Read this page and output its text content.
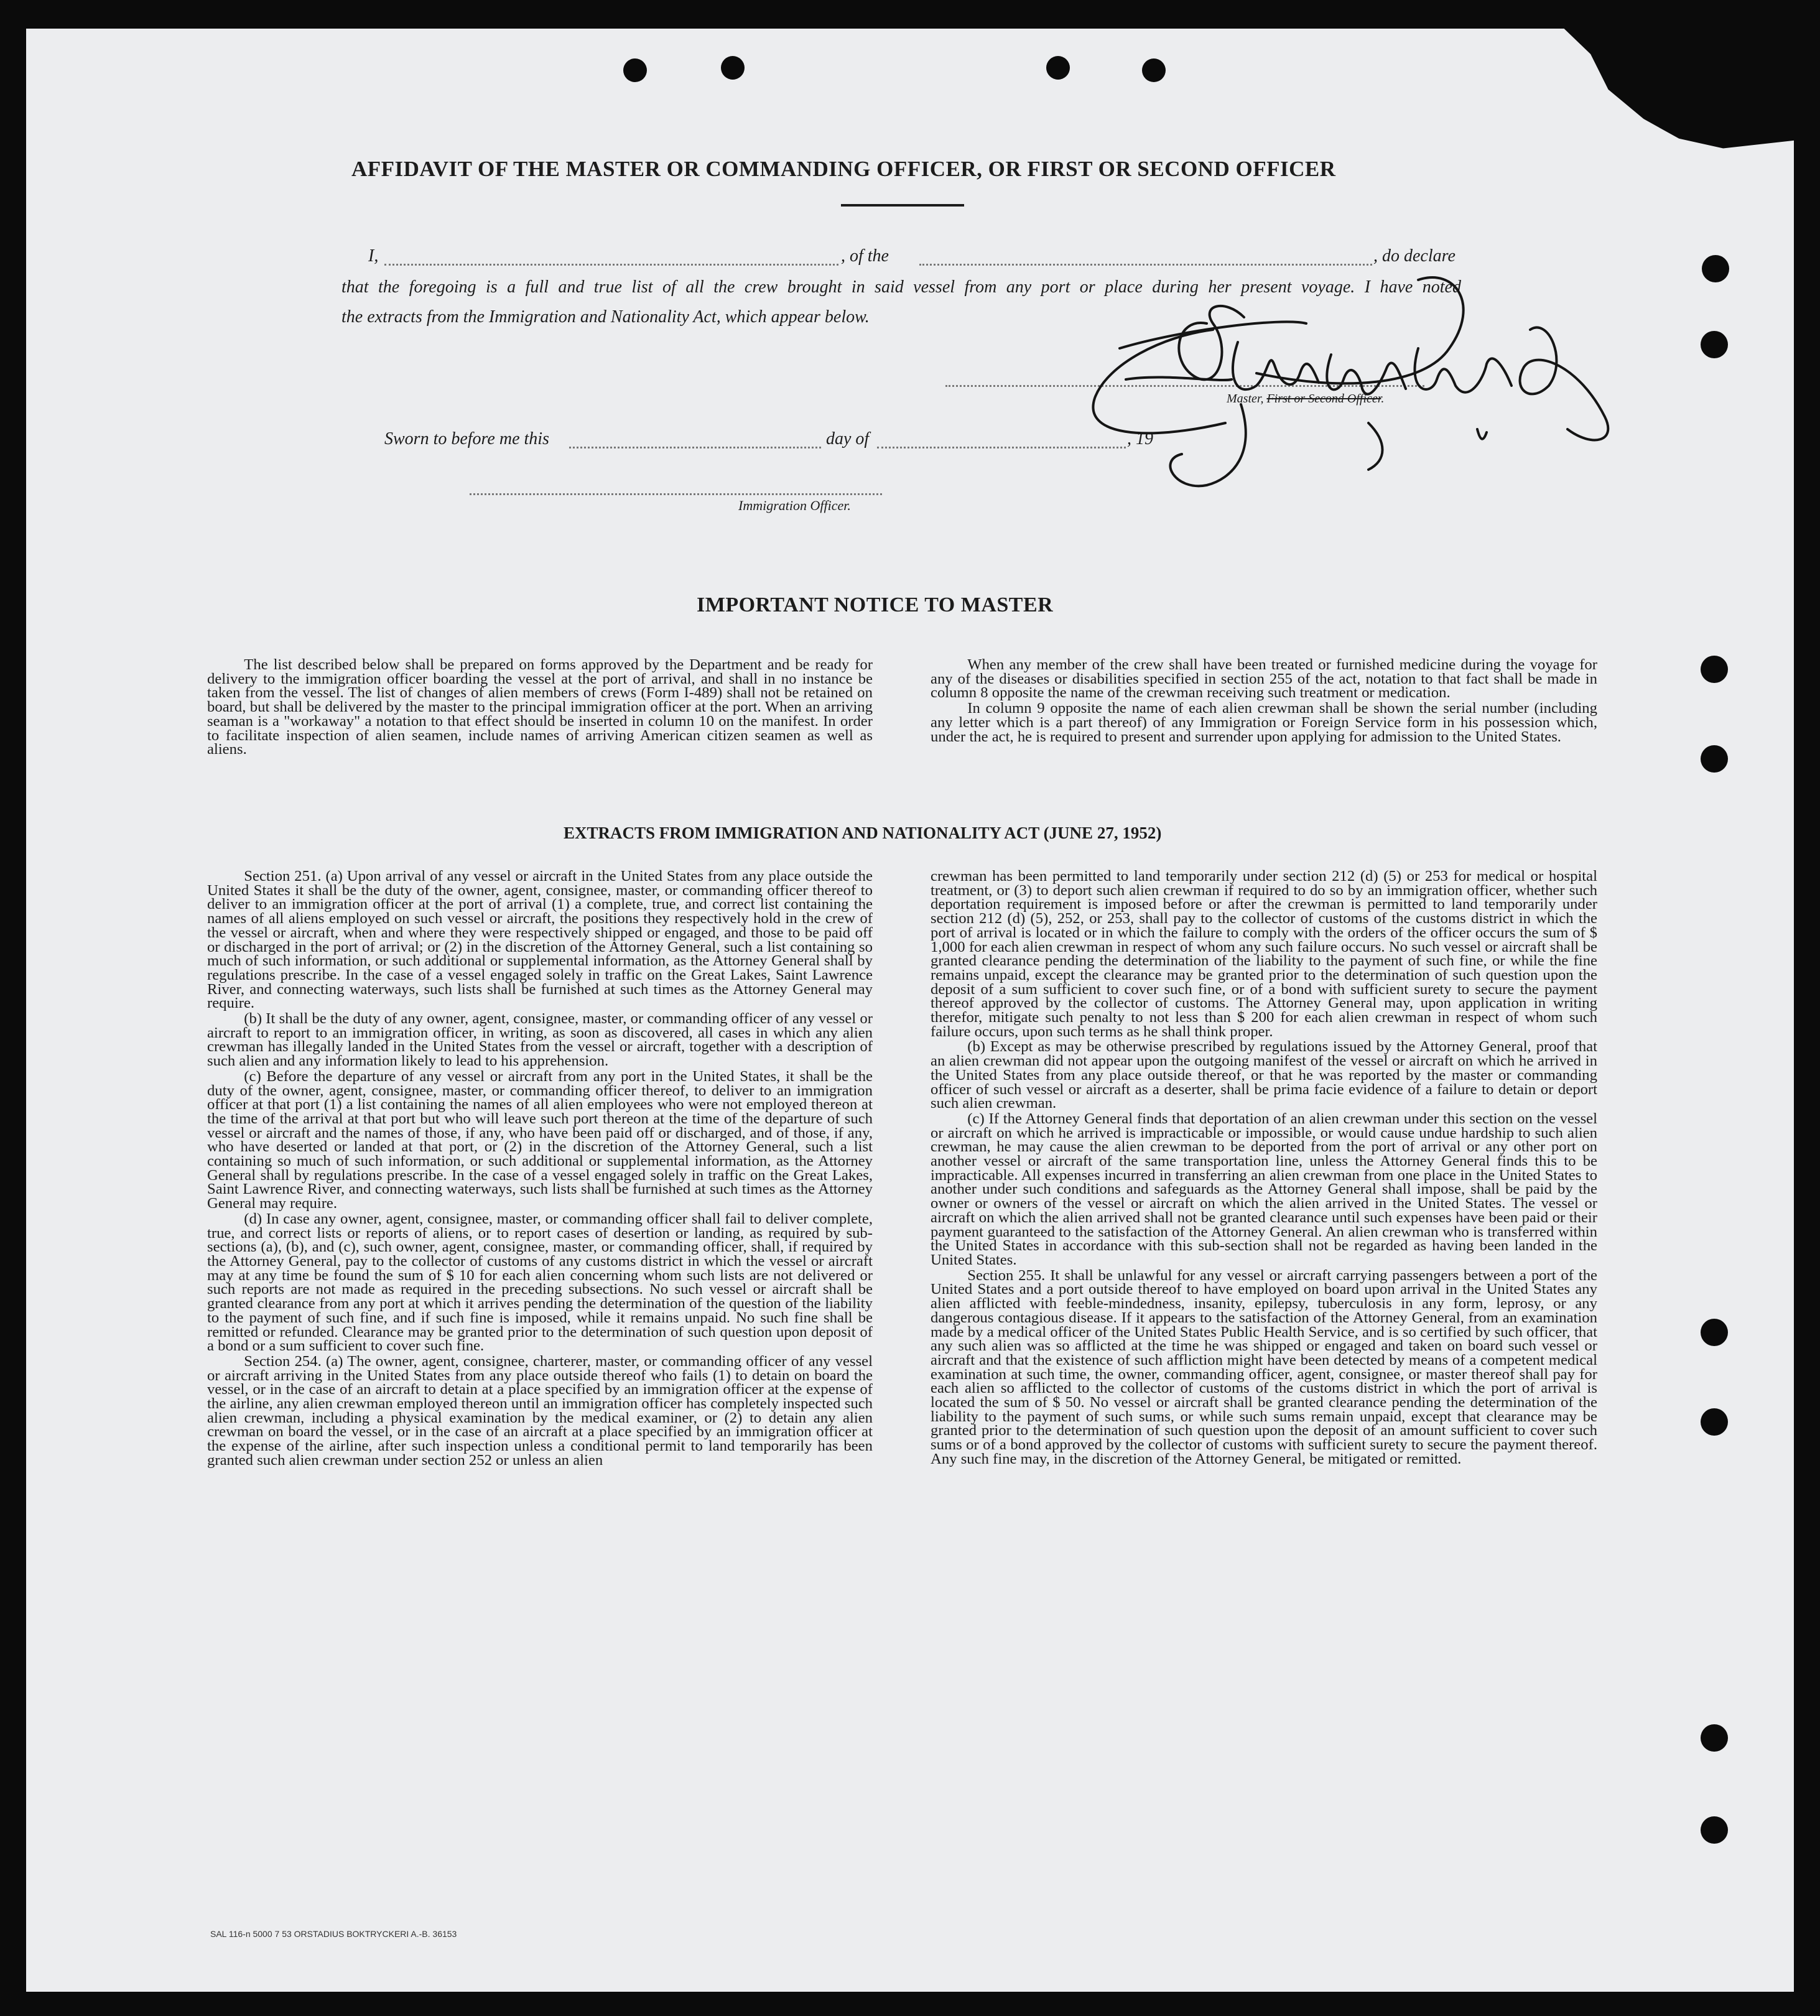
AFFIDAVIT OF THE MASTER OR COMMANDING OFFICER, OR FIRST OR SECOND OFFICER
I,	, of the	, do declare
that the foregoing is a full and true list of all the crew brought in said vessel from any port or place during her present voyage. I have noted
the extracts from the Immigration and Nationality Act, which appear below.
Master, First or Second Officer.
Sworn to before me this	day of	, 19
Immigration Officer.
IMPORTANT NOTICE TO MASTER

The list described below shall be prepared on forms approved by the Department and be ready for delivery to the immigration officer boarding the vessel at the port of arrival, and shall in no instance be taken from the vessel. The list of changes of alien members of crews (Form I-489) shall not be retained on board, but shall be delivered by the master to the principal immigration officer at the port. When an arriving seaman is a "workaway" a notation to that effect should be inserted in column 10 on the manifest. In order to facilitate inspection of alien seamen, include names of arriving American citizen seamen as well as aliens.

When any member of the crew shall have been treated or furnished medicine during the voyage for any of the diseases or disabilities specified in section 255 of the act, notation to that fact shall be made in column 8 opposite the name of the crewman receiving such treatment or medication.

In column 9 opposite the name of each alien crewman shall be shown the serial number (including any letter which is a part thereof) of any Immigration or Foreign Service form in his possession which, under the act, he is required to present and surrender upon applying for admission to the United States.

EXTRACTS FROM IMMIGRATION AND NATIONALITY ACT (JUNE 27, 1952)

Section 251. (a) Upon arrival of any vessel or aircraft in the United States from any place outside the United States it shall be the duty of the owner, agent, consignee, master, or commanding officer thereof to deliver to an immigration officer at the port of arrival (1) a complete, true, and correct list containing the names of all aliens employed on such vessel or aircraft, the positions they respectively hold in the crew of the vessel or aircraft, when and where they were respectively shipped or engaged, and those to be paid off or discharged in the port of arrival; or (2) in the discretion of the Attorney General, such a list containing so much of such information, or such additional or supplemental information, as the Attorney General shall by regulations prescribe. In the case of a vessel engaged solely in traffic on the Great Lakes, Saint Lawrence River, and connecting waterways, such lists shall be furnished at such times as the Attorney General may require.

(b) It shall be the duty of any owner, agent, consignee, master, or commanding officer of any vessel or aircraft to report to an immigration officer, in writing, as soon as discovered, all cases in which any alien crewman has illegally landed in the United States from the vessel or aircraft, together with a description of such alien and any information likely to lead to his apprehension.

(c) Before the departure of any vessel or aircraft from any port in the United States, it shall be the duty of the owner, agent, consignee, master, or commanding officer thereof, to deliver to an immigration officer at that port (1) a list containing the names of all alien employees who were not employed thereon at the time of the arrival at that port but who will leave such port thereon at the time of the departure of such vessel or aircraft and the names of those, if any, who have been paid off or discharged, and of those, if any, who have deserted or landed at that port, or (2) in the discretion of the Attorney General, such a list containing so much of such information, or such additional or supplemental information, as the Attorney General shall by regulations prescribe. In the case of a vessel engaged solely in traffic on the Great Lakes, Saint Lawrence River, and connecting waterways, such lists shall be furnished at such times as the Attorney General may require.

(d) In case any owner, agent, consignee, master, or commanding officer shall fail to deliver complete, true, and correct lists or reports of aliens, or to report cases of desertion or landing, as required by sub-sections (a), (b), and (c), such owner, agent, consignee, master, or commanding officer, shall, if required by the Attorney General, pay to the collector of customs of any customs district in which the vessel or aircraft may at any time be found the sum of $ 10 for each alien concerning whom such lists are not delivered or such reports are not made as required in the preceding subsections. No such vessel or aircraft shall be granted clearance from any port at which it arrives pending the determination of the question of the liability to the payment of such fine, and if such fine is imposed, while it remains unpaid. No such fine shall be remitted or refunded. Clearance may be granted prior to the determination of such question upon deposit of a bond or a sum sufficient to cover such fine.

Section 254. (a) The owner, agent, consignee, charterer, master, or commanding officer of any vessel or aircraft arriving in the United States from any place outside thereof who fails (1) to detain on board the vessel, or in the case of an aircraft to detain at a place specified by an immigration officer at the expense of the airline, any alien crewman employed thereon until an immigration officer has completely inspected such alien crewman, including a physical examination by the medical examiner, or (2) to detain any alien crewman on board the vessel, or in the case of an aircraft at a place specified by an immigration officer at the expense of the airline, after such inspection unless a conditional permit to land temporarily has been granted such alien crewman under section 252 or unless an alien

crewman has been permitted to land temporarily under section 212 (d) (5) or 253 for medical or hospital treatment, or (3) to deport such alien crewman if required to do so by an immigration officer, whether such deportation requirement is imposed before or after the crewman is permitted to land temporarily under section 212 (d) (5), 252, or 253, shall pay to the collector of customs of the customs district in which the port of arrival is located or in which the failure to comply with the orders of the officer occurs the sum of $ 1,000 for each alien crewman in respect of whom any such failure occurs. No such vessel or aircraft shall be granted clearance pending the determination of the liability to the payment of such fine, or while the fine remains unpaid, except the clearance may be granted prior to the determination of such question upon the deposit of a sum sufficient to cover such fine, or of a bond with sufficient surety to secure the payment thereof approved by the collector of customs. The Attorney General may, upon application in writing therefor, mitigate such penalty to not less than $ 200 for each alien crewman in respect of whom such failure occurs, upon such terms as he shall think proper.

(b) Except as may be otherwise prescribed by regulations issued by the Attorney General, proof that an alien crewman did not appear upon the outgoing manifest of the vessel or aircraft on which he arrived in the United States from any place outside thereof, or that he was reported by the master or commanding officer of such vessel or aircraft as a deserter, shall be prima facie evidence of a failure to detain or deport such alien crewman.

(c) If the Attorney General finds that deportation of an alien crewman under this section on the vessel or aircraft on which he arrived is impracticable or impossible, or would cause undue hardship to such alien crewman, he may cause the alien crewman to be deported from the port of arrival or any other port on another vessel or aircraft of the same transportation line, unless the Attorney General finds this to be impracticable. All expenses incurred in transferring an alien crewman from one place in the United States to another under such conditions and safeguards as the Attorney General shall impose, shall be paid by the owner or owners of the vessel or aircraft on which the alien arrived in the United States. The vessel or aircraft on which the alien arrived shall not be granted clearance until such expenses have been paid or their payment guaranteed to the satisfaction of the Attorney General. An alien crewman who is transferred within the United States in accordance with this sub-section shall not be regarded as having been landed in the United States.

Section 255. It shall be unlawful for any vessel or aircraft carrying passengers between a port of the United States and a port outside thereof to have employed on board upon arrival in the United States any alien afflicted with feeble-mindedness, insanity, epilepsy, tuberculosis in any form, leprosy, or any dangerous contagious disease. If it appears to the satisfaction of the Attorney General, from an examination made by a medical officer of the United States Public Health Service, and is so certified by such officer, that any such alien was so afflicted at the time he was shipped or engaged and taken on board such vessel or aircraft and that the existence of such affliction might have been detected by means of a competent medical examination at such time, the owner, commanding officer, agent, consignee, or master thereof shall pay for each alien so afflicted to the collector of customs of the customs district in which the port of arrival is located the sum of $ 50. No vessel or aircraft shall be granted clearance pending the determination of the liability to the payment of such sums, or while such sums remain unpaid, except that clearance may be granted prior to the determination of such question upon the deposit of an amount sufficient to cover such sums or of a bond approved by the collector of customs with sufficient surety to secure the payment thereof. Any such fine may, in the discretion of the Attorney General, be mitigated or remitted.

SAL 116-n 5000 7 53 ORSTADIUS BOKTRYCKERI A.-B. 36153
